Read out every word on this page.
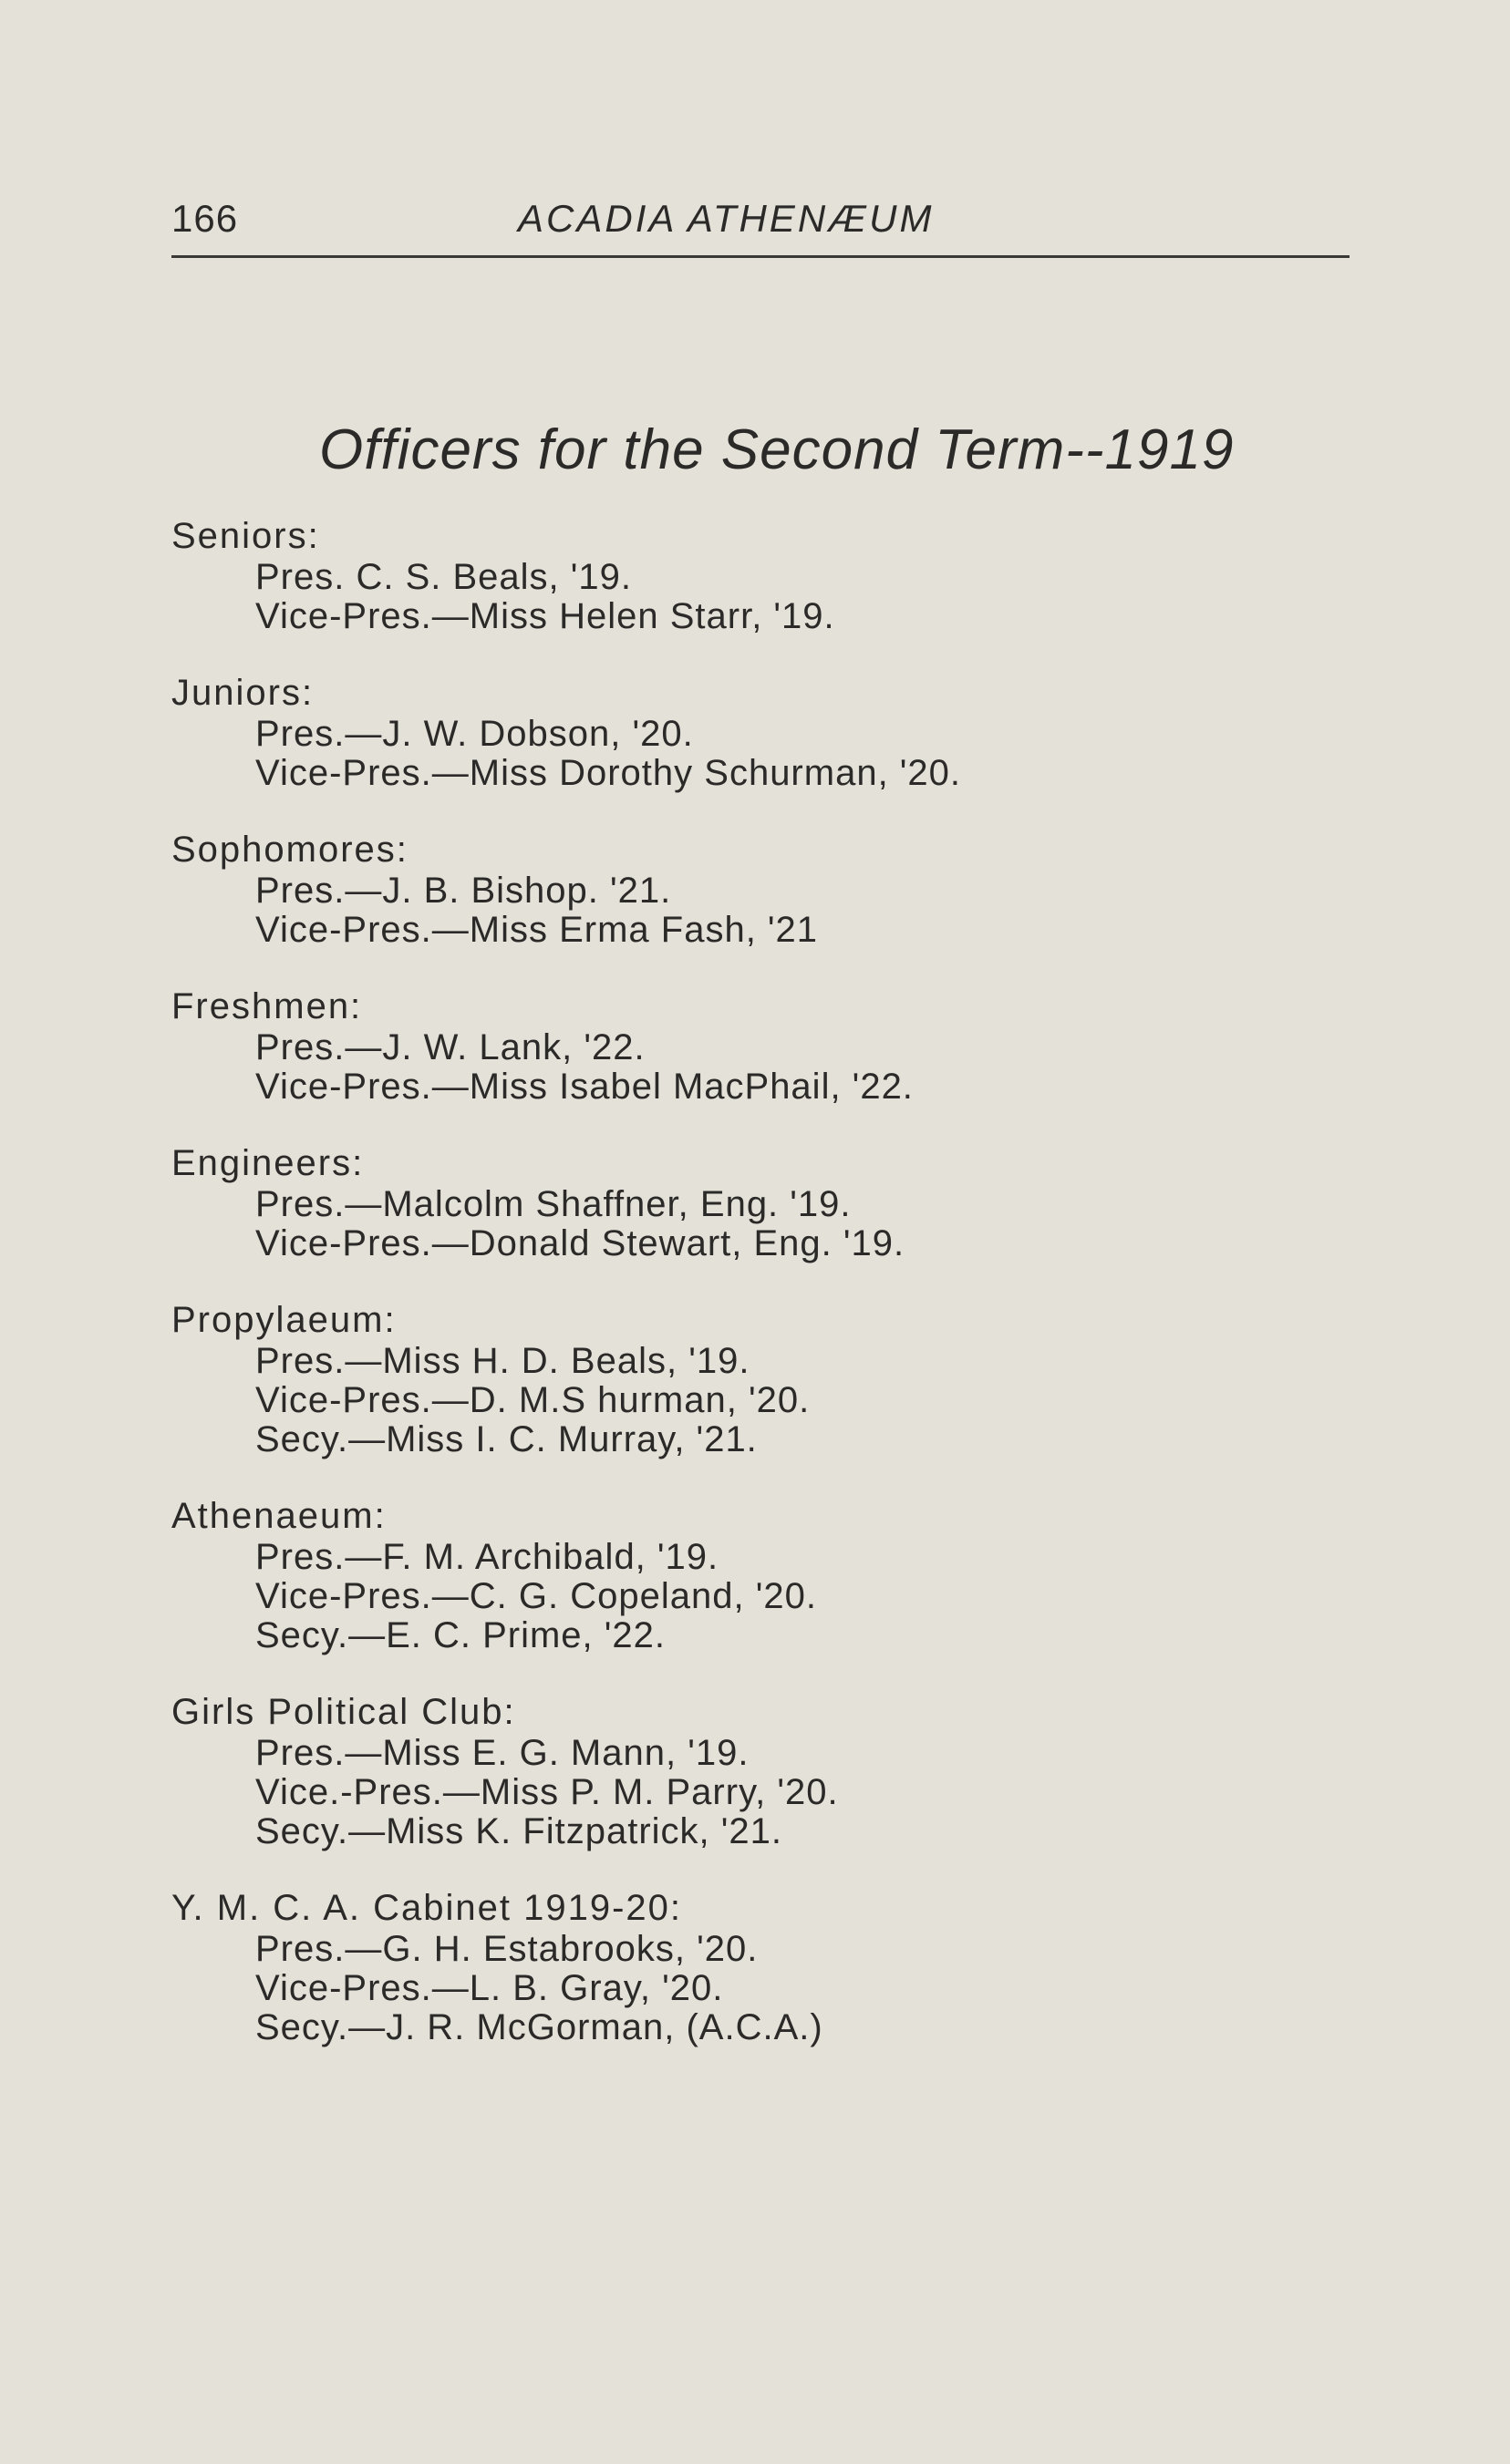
166	ACADIA ATHENÆUM
Officers for the Second Term--1919
Seniors:
Pres. C. S. Beals, '19.
Vice-Pres.—Miss Helen Starr, '19.
Juniors:
Pres.—J. W. Dobson, '20.
Vice-Pres.—Miss Dorothy Schurman, '20.
Sophomores:
Pres.—J. B. Bishop. '21.
Vice-Pres.—Miss Erma Fash, '21
Freshmen:
Pres.—J. W. Lank, '22.
Vice-Pres.—Miss Isabel MacPhail, '22.
Engineers:
Pres.—Malcolm Shaffner, Eng. '19.
Vice-Pres.—Donald Stewart, Eng. '19.
Propylaeum:
Pres.—Miss H. D. Beals, '19.
Vice-Pres.—D. M.S hurman, '20.
Secy.—Miss I. C. Murray, '21.
Athenaeum:
Pres.—F. M. Archibald, '19.
Vice-Pres.—C. G. Copeland, '20.
Secy.—E. C. Prime, '22.
Girls Political Club:
Pres.—Miss E. G. Mann, '19.
Vice.-Pres.—Miss P. M. Parry, '20.
Secy.—Miss K. Fitzpatrick, '21.
Y. M. C. A. Cabinet 1919-20:
Pres.—G. H. Estabrooks, '20.
Vice-Pres.—L. B. Gray, '20.
Secy.—J. R. McGorman, (A.C.A.)
